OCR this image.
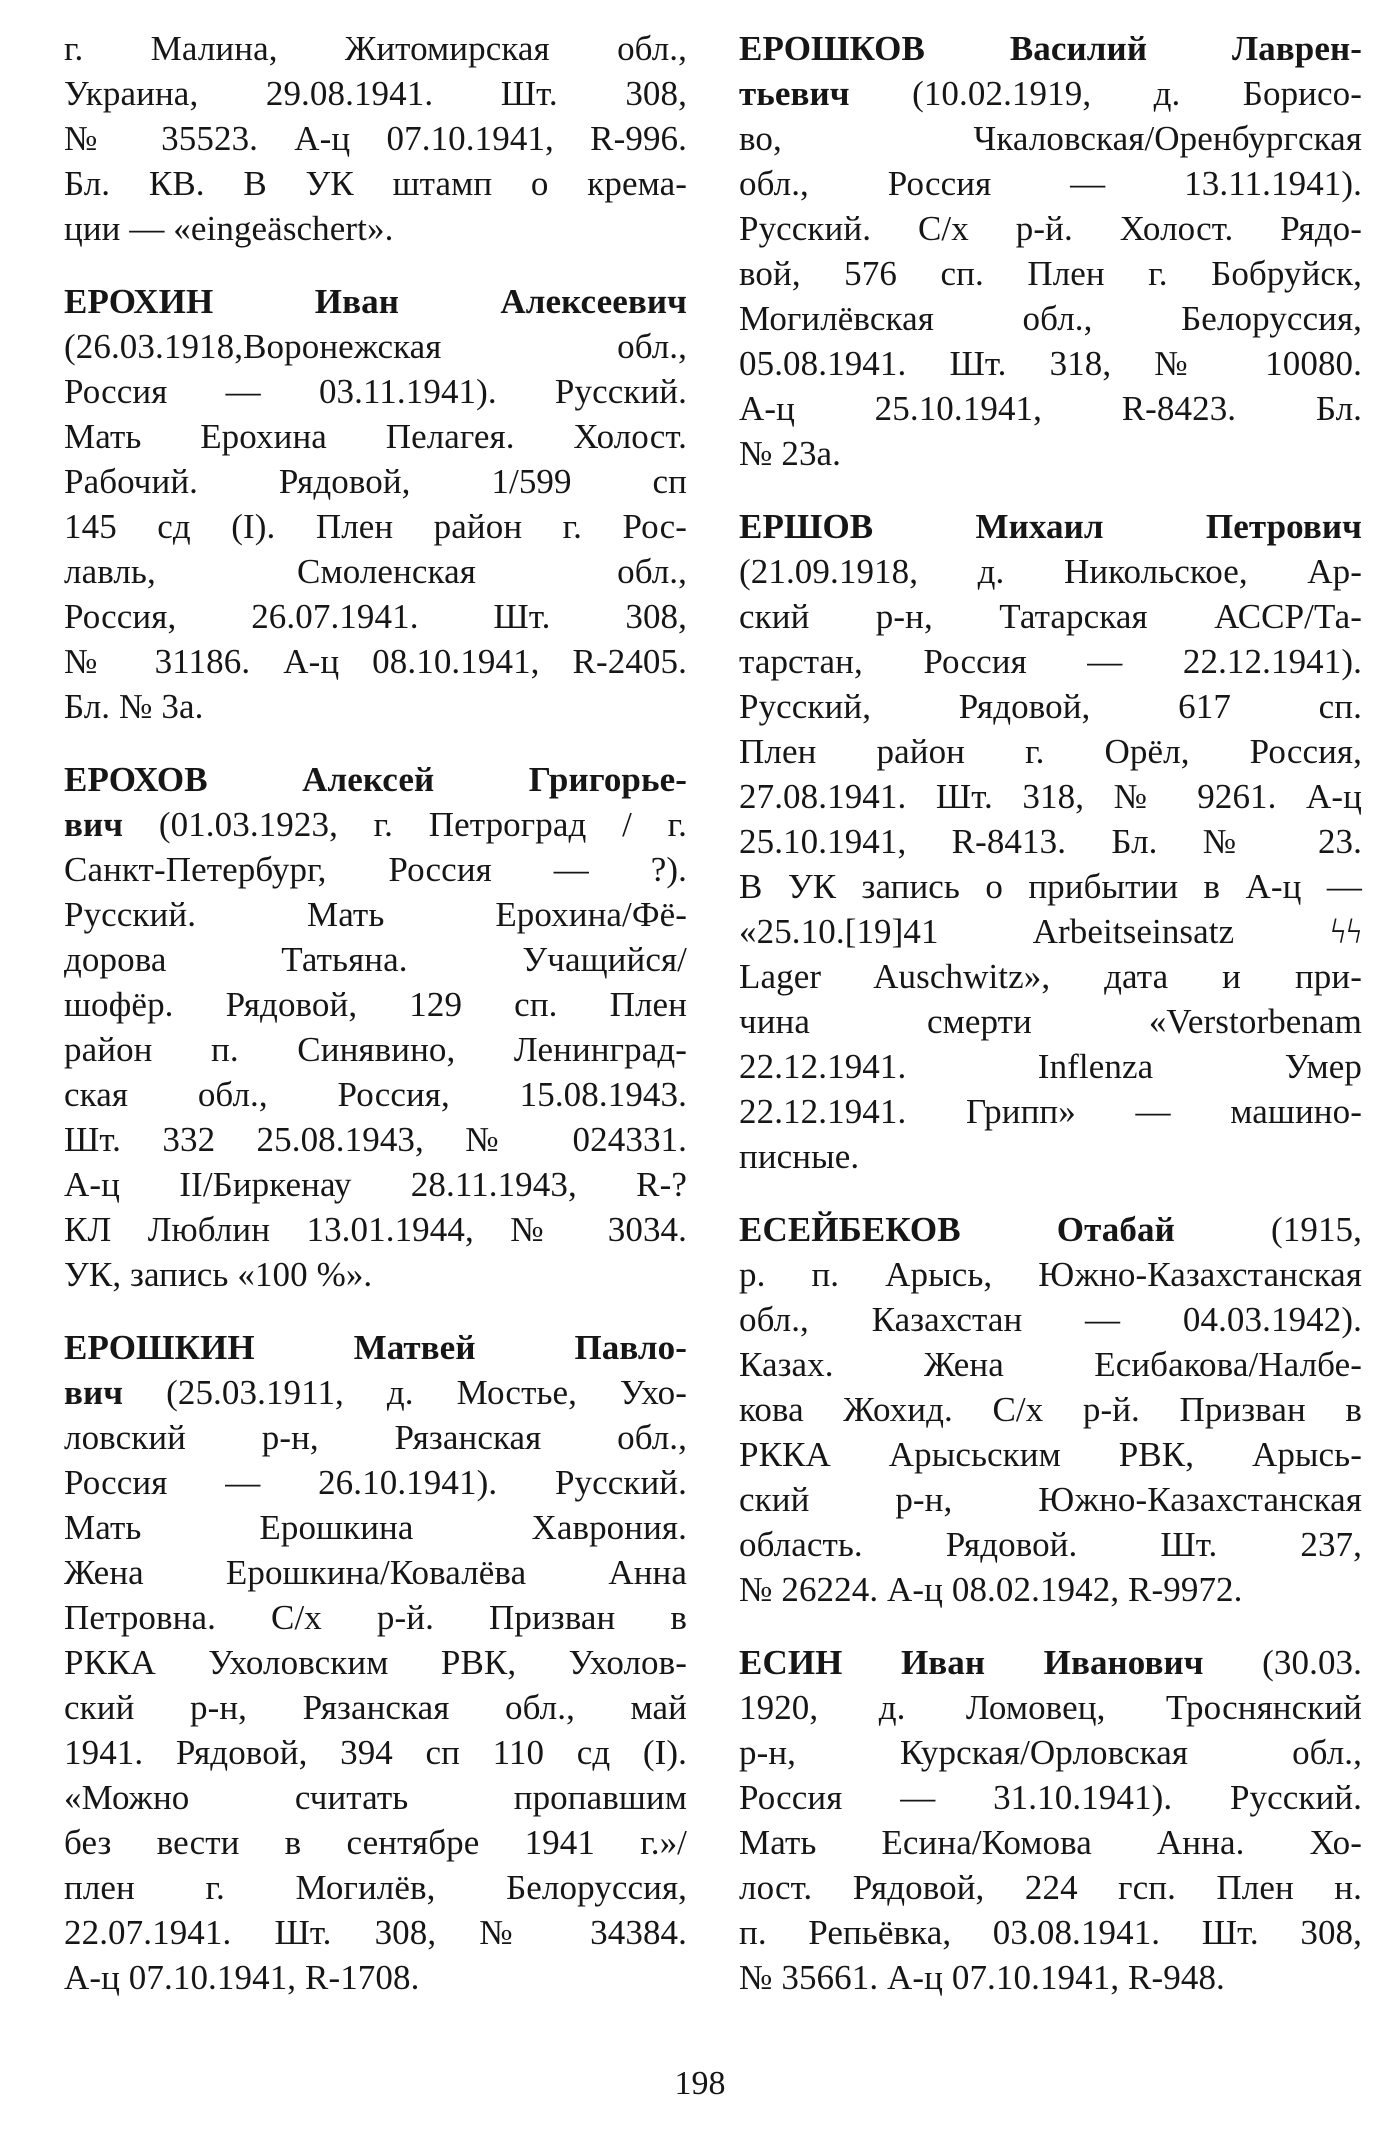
г. Малина, Житомирская обл.,
Украина, 29.08.1941. Шт. 308,
№ 35523. А-ц 07.10.1941, R-996.
Бл. КВ. В УК штамп о крема-
ции — «eingeäschert».
ЕРОХИН Иван Алексеевич
(26.03.1918,Воронежская обл.,
Россия — 03.11.1941). Русский.
Мать Ерохина Пелагея. Холост.
Рабочий. Рядовой, 1/599 сп
145 сд (I). Плен район г. Рос-
лавль, Смоленская обл.,
Россия, 26.07.1941. Шт. 308,
№ 31186. А-ц 08.10.1941, R-2405.
Бл. № 3а.
ЕРОХОВ Алексей Григорье-
вич (01.03.1923, г. Петроград / г.
Санкт-Петербург, Россия — ?).
Русский. Мать Ерохина/Фё-
дорова Татьяна. Учащийся/
шофёр. Рядовой, 129 сп. Плен
район п. Синявино, Ленинград-
ская обл., Россия, 15.08.1943.
Шт. 332 25.08.1943, № 024331.
А-ц II/Биркенау 28.11.1943, R-?
КЛ Люблин 13.01.1944, № 3034.
УК, запись «100 %».
ЕРОШКИН Матвей Павло-
вич (25.03.1911, д. Мостье, Ухо-
ловский р-н, Рязанская обл.,
Россия — 26.10.1941). Русский.
Мать Ерошкина Хаврония.
Жена Ерошкина/Ковалёва Анна
Петровна. С/х р-й. Призван в
РККА Ухоловским РВК, Ухолов-
ский р-н, Рязанская обл., май
1941. Рядовой, 394 сп 110 сд (I).
«Можно считать пропавшим
без вести в сентябре 1941 г.»/
плен г. Могилёв, Белоруссия,
22.07.1941. Шт. 308, № 34384.
А-ц 07.10.1941, R-1708.
ЕРОШКОВ Василий Лаврен-
тьевич (10.02.1919, д. Борисо-
во, Чкаловская/Оренбургская
обл., Россия — 13.11.1941).
Русский. С/х р-й. Холост. Рядо-
вой, 576 сп. Плен г. Бобруйск,
Могилёвская обл., Белоруссия,
05.08.1941. Шт. 318, № 10080.
А-ц 25.10.1941, R-8423. Бл.
№ 23а.
ЕРШОВ Михаил Петрович
(21.09.1918, д. Никольское, Ар-
ский р-н, Татарская АССР/Та-
тарстан, Россия — 22.12.1941).
Русский, Рядовой, 617 сп.
Плен район г. Орёл, Россия,
27.08.1941. Шт. 318, № 9261. А-ц
25.10.1941, R-8413. Бл. № 23.
В УК запись о прибытии в А-ц —
«25.10.[19]41 Arbeitseinsatz ϟϟ
Lager Auschwitz», дата и при-
чина смерти «Verstorbenam
22.12.1941. Inflenza Умер
22.12.1941. Грипп» — машино-
писные.
ЕСЕЙБЕКОВ Отабай (1915,
р. п. Арысь, Южно-Казахстанская
обл., Казахстан — 04.03.1942).
Казах. Жена Есибакова/Налбе-
кова Жохид. С/х р-й. Призван в
РККА Арысьским РВК, Арысь-
ский р-н, Южно-Казахстанская
область. Рядовой. Шт. 237,
№ 26224. А-ц 08.02.1942, R-9972.
ЕСИН Иван Иванович (30.03.
1920, д. Ломовец, Троснянский
р-н, Курская/Орловская обл.,
Россия — 31.10.1941). Русский.
Мать Есина/Комова Анна. Хо-
лост. Рядовой, 224 гсп. Плен н.
п. Репьёвка, 03.08.1941. Шт. 308,
№ 35661. А-ц 07.10.1941, R-948.
198
